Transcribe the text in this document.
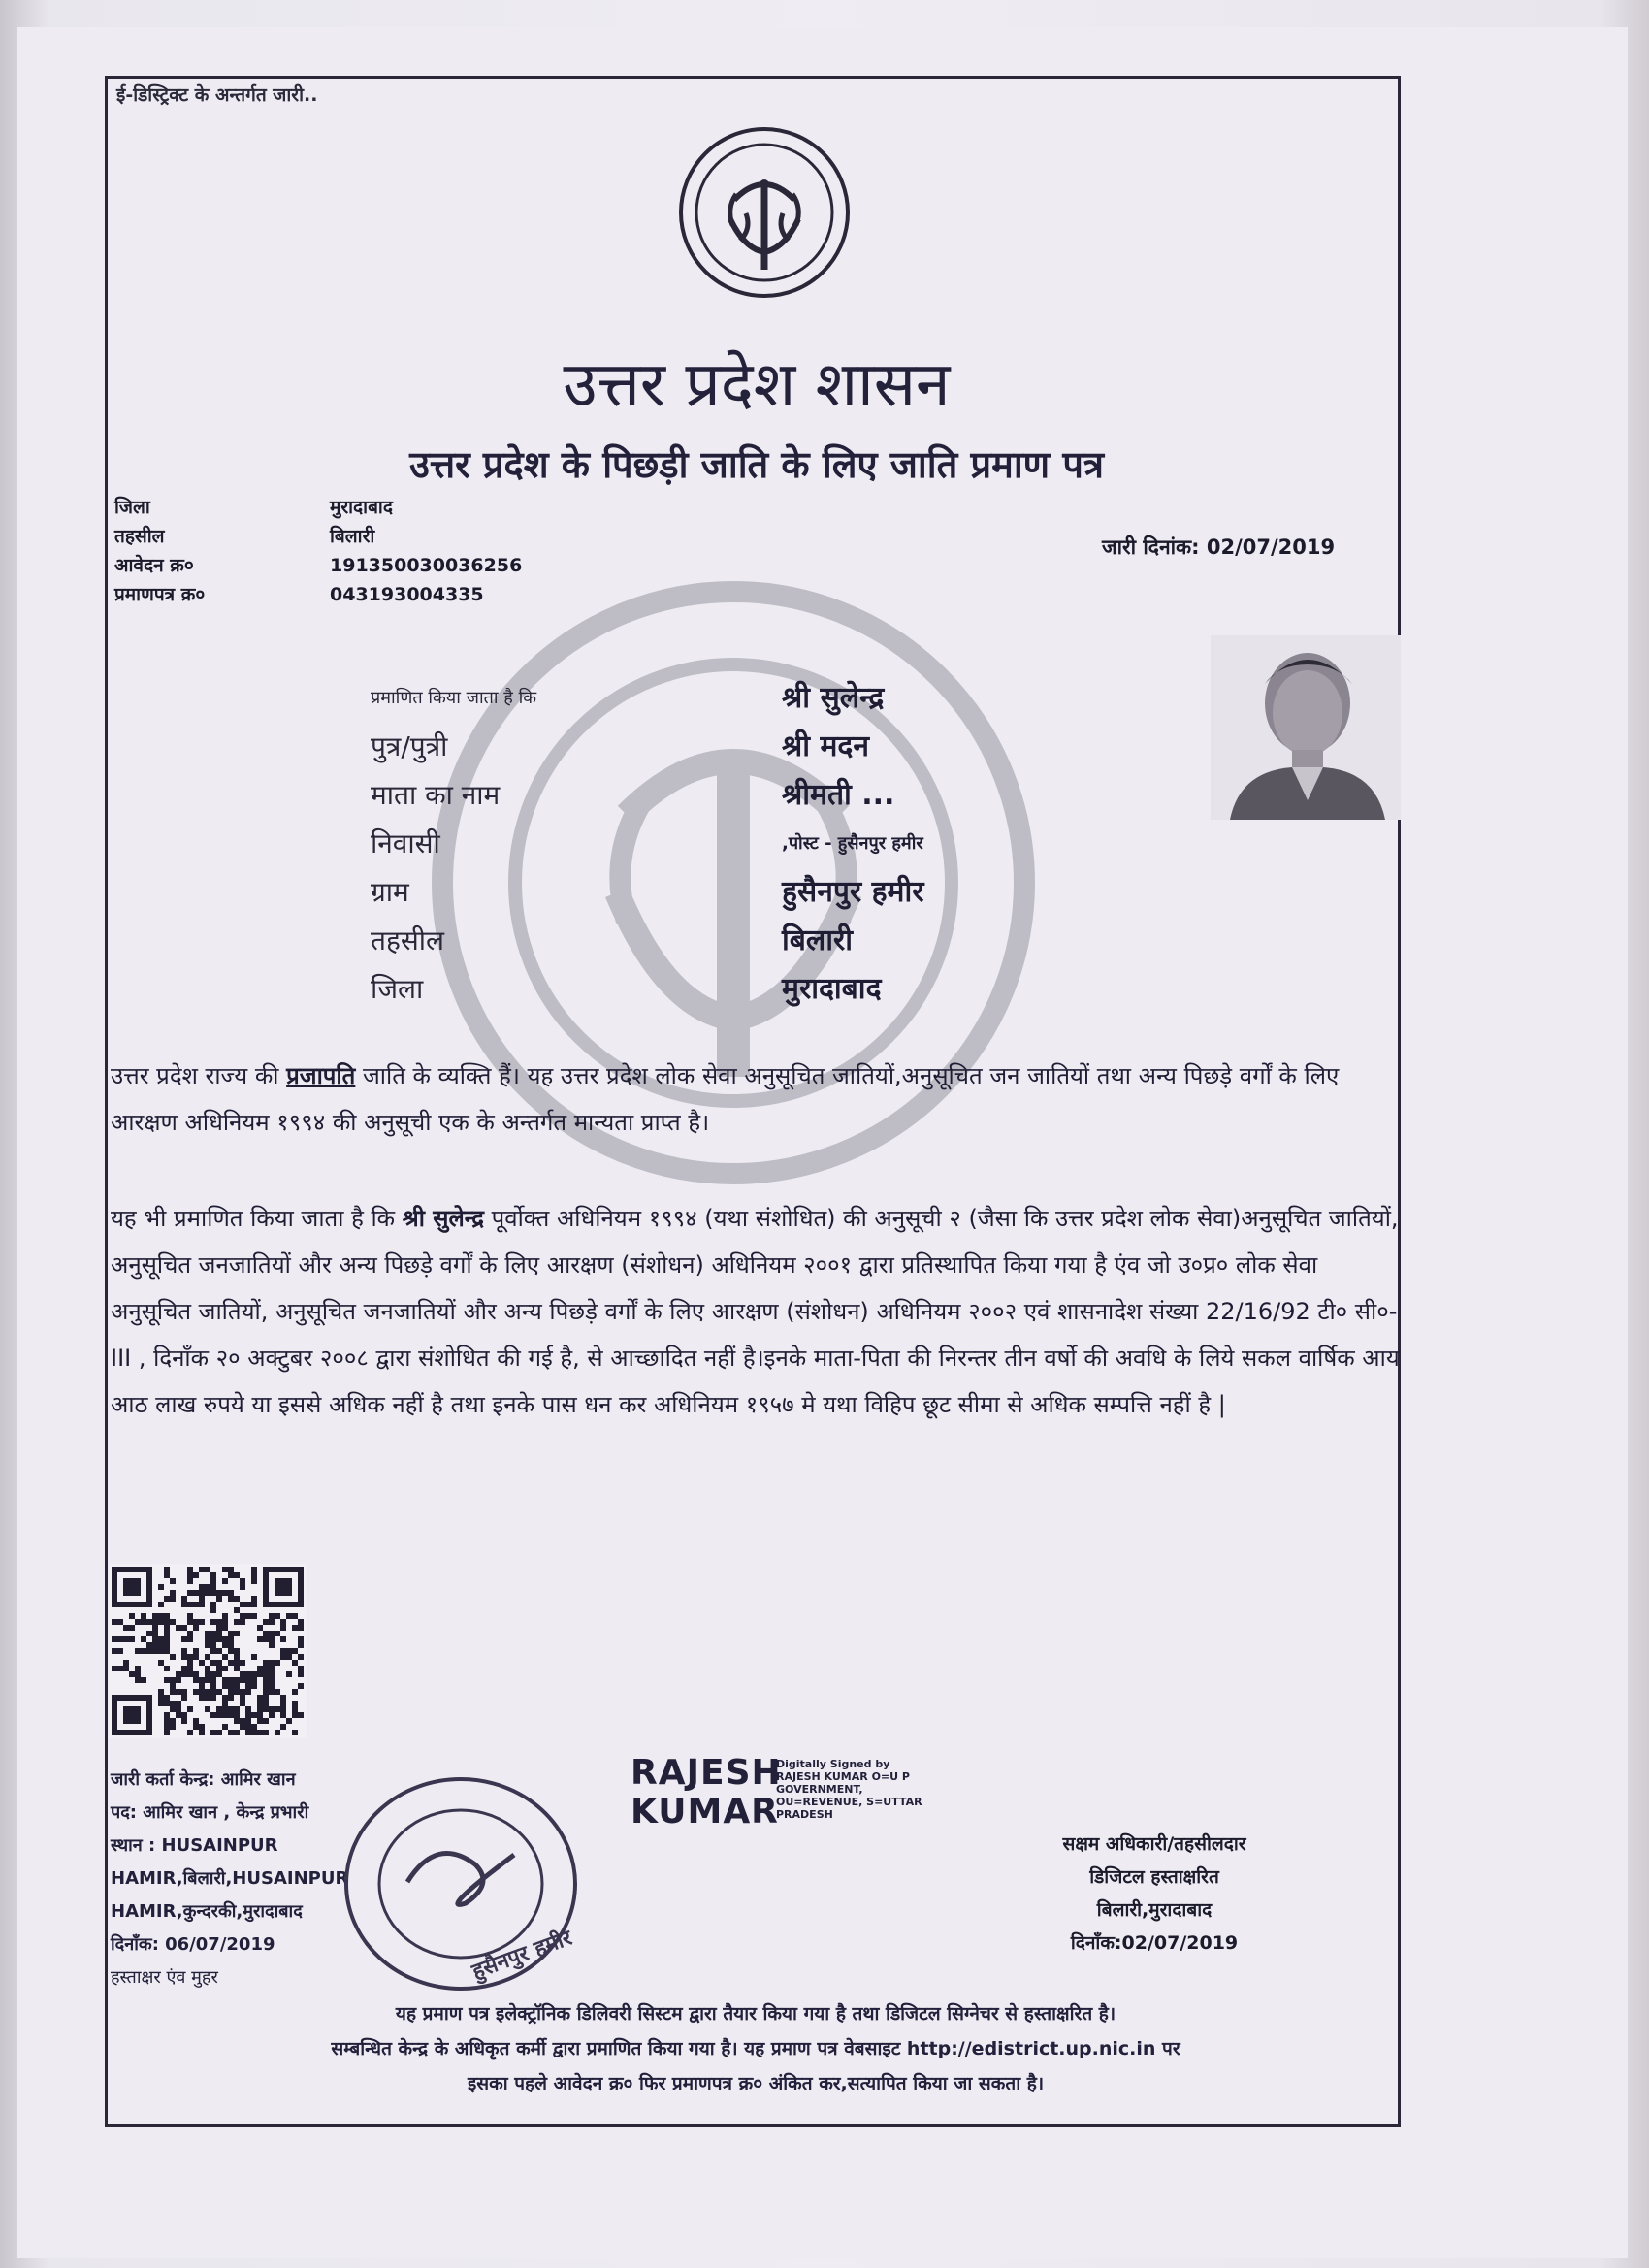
ई-डिस्ट्रिक्ट के अन्तर्गत जारी..
उत्तर प्रदेश शासन
उत्तर प्रदेश के पिछड़ी जाति के लिए जाति प्रमाण पत्र
जिला
तहसील
आवेदन क्र०
प्रमाणपत्र क्र०
मुरादाबाद
बिलारी
191350030036256
043193004335
जारी दिनांक: 02/07/2019
प्रमाणित किया जाता है कि
पुत्र/पुत्री
माता का नाम
निवासी
ग्राम
तहसील
जिला
श्री सुलेन्द्र
श्री मदन
श्रीमती ...
,पोस्ट - हुसैनपुर हमीर
हुसैनपुर हमीर
बिलारी
मुरादाबाद
उत्तर प्रदेश राज्य की प्रजापति जाति के व्यक्ति हैं। यह उत्तर प्रदेश लोक सेवा अनुसूचित जातियों,अनुसूचित जन जातियों तथा अन्य पिछड़े वर्गों के लिए आरक्षण अधिनियम १९९४ की अनुसूची एक के अन्तर्गत मान्यता प्राप्त है।
यह भी प्रमाणित किया जाता है कि श्री सुलेन्द्र पूर्वोक्त अधिनियम १९९४ (यथा संशोधित) की अनुसूची २ (जैसा कि उत्तर प्रदेश लोक सेवा)अनुसूचित जातियों, अनुसूचित जनजातियों और अन्य पिछड़े वर्गों के लिए आरक्षण (संशोधन) अधिनियम २००१ द्वारा प्रतिस्थापित किया गया है एंव जो उ०प्र० लोक सेवा अनुसूचित जातियों, अनुसूचित जनजातियों और अन्य पिछड़े वर्गों के लिए आरक्षण (संशोधन) अधिनियम २००२ एवं शासनादेश संख्या 22/16/92 टी० सी०-III , दिनाँक २० अक्टुबर २००८ द्वारा संशोधित की गई है, से आच्छादित नहीं है।इनके माता-पिता की निरन्तर तीन वर्षो की अवधि के लिये सकल वार्षिक आय आठ लाख रुपये या इससे अधिक नहीं है तथा इनके पास धन कर अधिनियम १९५७ मे यथा विहिप छूट सीमा से अधिक सम्पत्ति नहीं है |
जारी कर्ता केन्द्र: आमिर खान
पद: आमिर खान , केन्द्र प्रभारी
स्थान : HUSAINPUR
HAMIR,बिलारी,HUSAINPUR
HAMIR,कुन्दरकी,मुरादाबाद
दिनाँक: 06/07/2019
हस्ताक्षर एंव मुहर	हुसैनपुर हमीर
RAJESH
KUMAR
Digitally Signed by
RAJESH KUMAR O=U P
GOVERNMENT,
OU=REVENUE, S=UTTAR
PRADESH
सक्षम अधिकारी/तहसीलदार
डिजिटल हस्ताक्षरित
बिलारी,मुरादाबाद
दिनाँक:02/07/2019
यह प्रमाण पत्र इलेक्ट्रॉनिक डिलिवरी सिस्टम द्वारा तैयार किया गया है तथा डिजिटल सिग्नेचर से हस्ताक्षरित है।
सम्बन्धित केन्द्र के अधिकृत कर्मी द्वारा प्रमाणित किया गया है। यह प्रमाण पत्र वेबसाइट http://edistrict.up.nic.in पर
इसका पहले आवेदन क्र० फिर प्रमाणपत्र क्र० अंकित कर,सत्यापित किया जा सकता है।
